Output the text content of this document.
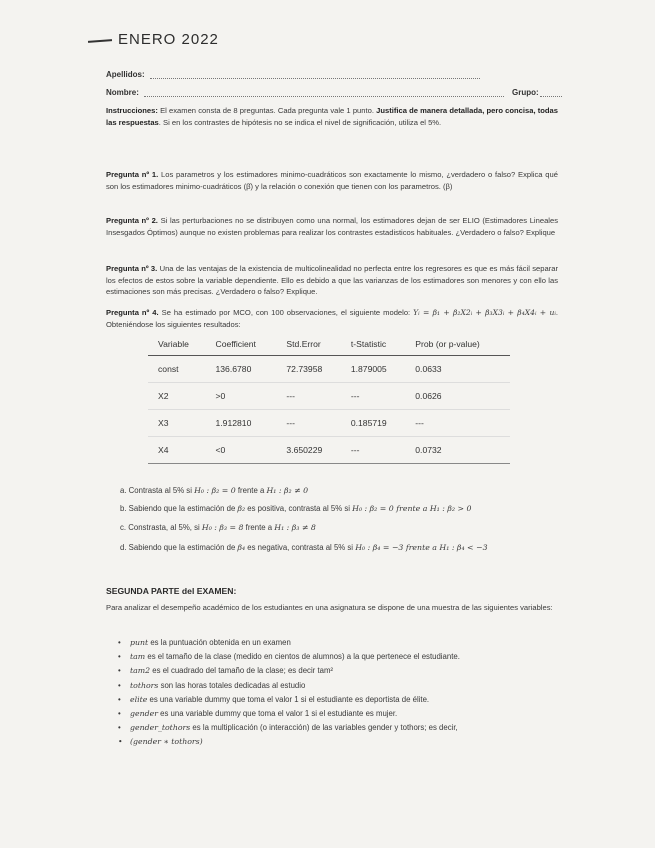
ENERO 2022
Apellidos:
Nombre:	Grupo:
Instrucciones: El examen consta de 8 preguntas. Cada pregunta vale 1 punto. Justifica de manera detallada, pero concisa, todas las respuestas. Si en los contrastes de hipótesis no se indica el nivel de significación, utiliza el 5%.
Pregunta nº 1. Los parametros y los estimadores minimo-cuadráticos son exactamente lo mismo, ¿verdadero o falso? Explica qué son los estimadores minimo-cuadráticos (β̂) y la relación o conexión que tienen con los parametros. (β)
Pregunta nº 2. Si las perturbaciones no se distribuyen como una normal, los estimadores dejan de ser ELIO (Estimadores Lineales Insesgados Óptimos) aunque no existen problemas para realizar los contrastes estadisticos habituales. ¿Verdadero o falso? Explique
Pregunta nº 3. Una de las ventajas de la existencia de multicolinealidad no perfecta entre los regresores es que es más fácil separar los efectos de estos sobre la variable dependiente. Ello es debido a que las varianzas de los estimadores son menores y con ello las estimaciones son más precisas. ¿Verdadero o falso? Explique.
Pregunta nº 4. Se ha estimado por MCO, con 100 observaciones, el siguiente modelo: Yᵢ = β₁ + β₂X2ᵢ + β₃X3ᵢ + β₄X4ᵢ + uᵢ. Obteniéndose los siguientes resultados:
Variable	Coefficient	Std.Error	t-Statistic	Prob (or p-value)
const	136.6780	72.73958	1.879005	0.0633
X2	>0	---	---	0.0626
X3	1.912810	---	0.185719	---
X4	<0	3.650229	---	0.0732
a. Contrasta al 5% si H₀ : β₂ = 0 frente a H₁ : β₂ ≠ 0
b. Sabiendo que la estimación de β₂ es positiva, contrasta al 5% si H₀ : β₂ = 0 frente a H₁ : β₂ > 0
c. Constrasta, al 5%, si H₀ : β₃ = 8 frente a H₁ : β₃ ≠ 8
d. Sabiendo que la estimación de β₄ es negativa, contrasta al 5% si H₀ : β₄ = −3 frente a H₁ : β₄ < −3
SEGUNDA PARTE del EXAMEN:
Para analizar el desempeño académico de los estudiantes en una asignatura se dispone de una muestra de las siguientes variables:
• punt es la puntuación obtenida en un examen
• tam es el tamaño de la clase (medido en cientos de alumnos) a la que pertenece el estudiante.
• tam2 es el cuadrado del tamaño de la clase; es decir tam²
• tothors son las horas totales dedicadas al estudio
• elite es una variable dummy que toma el valor 1 si el estudiante es deportista de élite.
• gender es una variable dummy que toma el valor 1 si el estudiante es mujer.
• gender_tothors es la multiplicación (o interacción) de las variables gender y tothors; es decir,
• (gender ∗ tothors)
